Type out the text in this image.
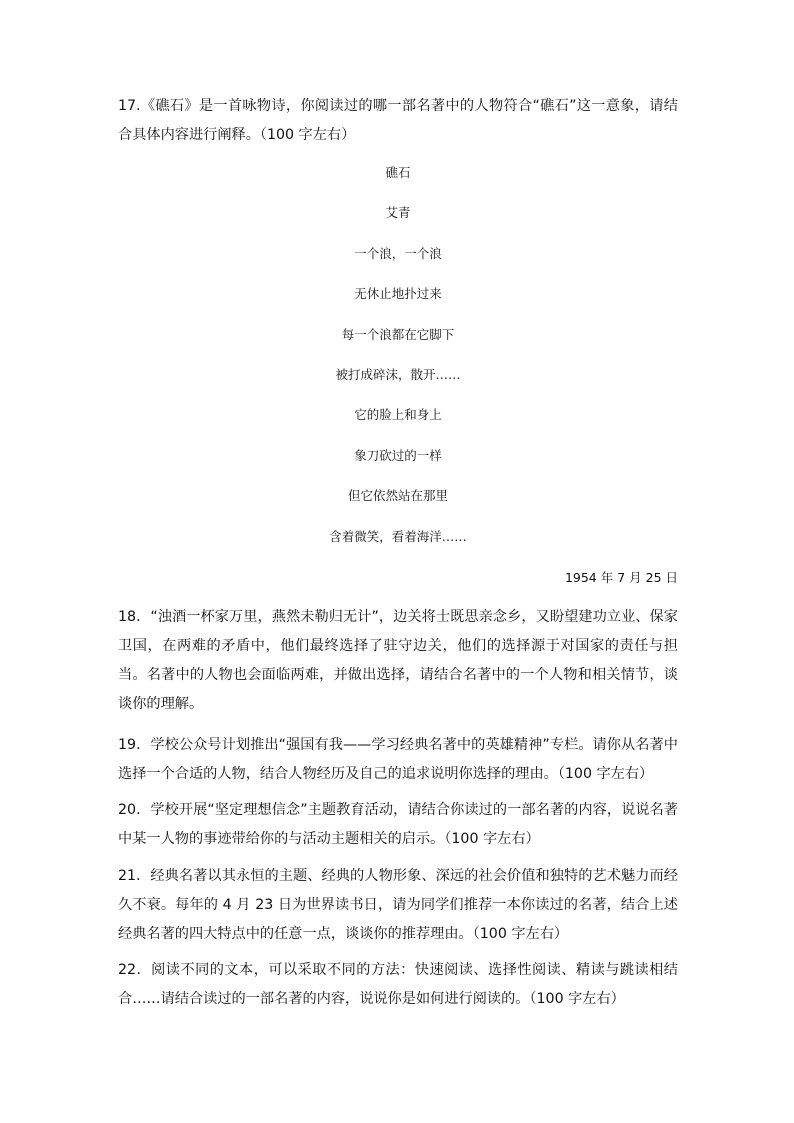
17.《礁石》是一首咏物诗，你阅读过的哪一部名著中的人物符合“礁石”这一意象，请结合具体内容进行阐释。（100 字左右）
礁石
艾青
一个浪，一个浪
无休止地扑过来
每一个浪都在它脚下
被打成碎沫，散开……
它的脸上和身上
象刀砍过的一样
但它依然站在那里
含着微笑，看着海洋……
1954 年 7 月 25 日
18．“浊酒一杯家万里，燕然未勒归无计”，边关将士既思亲念乡，又盼望建功立业、保家卫国，在两难的矛盾中，他们最终选择了驻守边关，他们的选择源于对国家的责任与担当。名著中的人物也会面临两难，并做出选择，请结合名著中的一个人物和相关情节，谈谈你的理解。
19．学校公众号计划推出“强国有我——学习经典名著中的英雄精神”专栏。请你从名著中选择一个合适的人物，结合人物经历及自己的追求说明你选择的理由。（100 字左右）
20．学校开展“坚定理想信念”主题教育活动，请结合你读过的一部名著的内容，说说名著中某一人物的事迹带给你的与活动主题相关的启示。（100 字左右）
21．经典名著以其永恒的主题、经典的人物形象、深远的社会价值和独特的艺术魅力而经久不衰。每年的 4 月 23 日为世界读书日，请为同学们推荐一本你读过的名著，结合上述经典名著的四大特点中的任意一点，谈谈你的推荐理由。（100 字左右）
22．阅读不同的文本，可以采取不同的方法：快速阅读、选择性阅读、精读与跳读相结合……请结合读过的一部名著的内容，说说你是如何进行阅读的。（100 字左右）
